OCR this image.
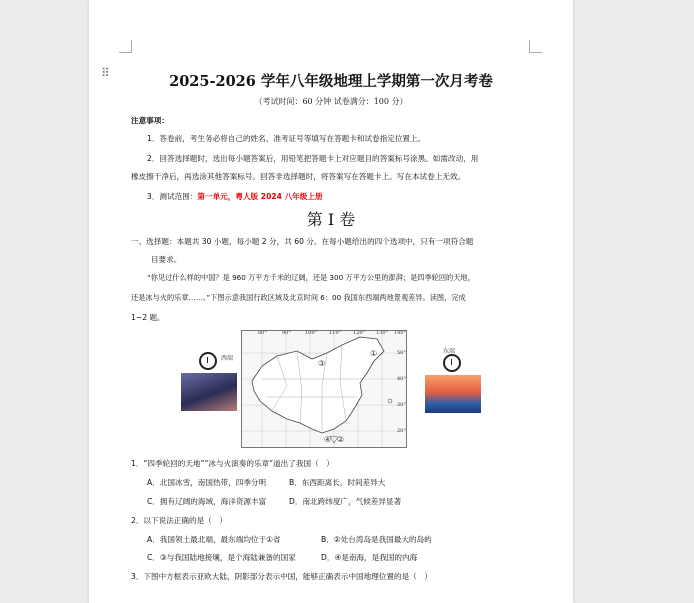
⠿	2025-2026 学年八年级地理上学期第一次月考卷
（考试时间：60 分钟 试卷满分：100 分）
注意事项：
1．答卷前，考生务必将自己的姓名、准考证号等填写在答题卡和试卷指定位置上。
2．回答选择题时，选出每小题答案后，用铅笔把答题卡上对应题目的答案标号涂黑。如需改动，用
橡皮擦干净后，再选涂其他答案标号。回答非选择题时，将答案写在答题卡上。写在本试卷上无效。
3．测试范围：第一单元，粤人版 2024 八年级上册
第 I 卷
一、选择题：本题共 30 小题，每小题 2 分，共 60 分。在每小题给出的四个选项中，只有一项符合题
目要求。
“你见过什么样的中国？是 960 万平方千米的辽阔，还是 300 万平方公里的澎湃；是四季轮回的天地，
还是冰与火的乐章……。”下图示意我国行政区域及北京时间 6：00 我国东西端两地景观差异。读图，完成
1~2 题。
西端
①
②
③
④
80°	90°	100° 110° 120° 130° 140°
50°
40°
30°
20°
东端
1．“四季轮回的天地”“冰与火演奏的乐章”道出了我国（　）
A．北国冰雪，南国热带，四季分明	B．东西距离长，时间差异大
C．拥有辽阔的海域，海洋资源丰富	D．南北跨纬度广，气候差异显著
2．以下说法正确的是（　）
A．我国领土最北端、最东端均位于①省	B．②处台湾岛是我国最大的岛屿
C．③与我国陆地接壤，是个海陆兼备的国家	D．④是南海，是我国的内海
3．下图中方框表示亚欧大陆，阴影部分表示中国，能够正确表示中国地理位置的是（　）
